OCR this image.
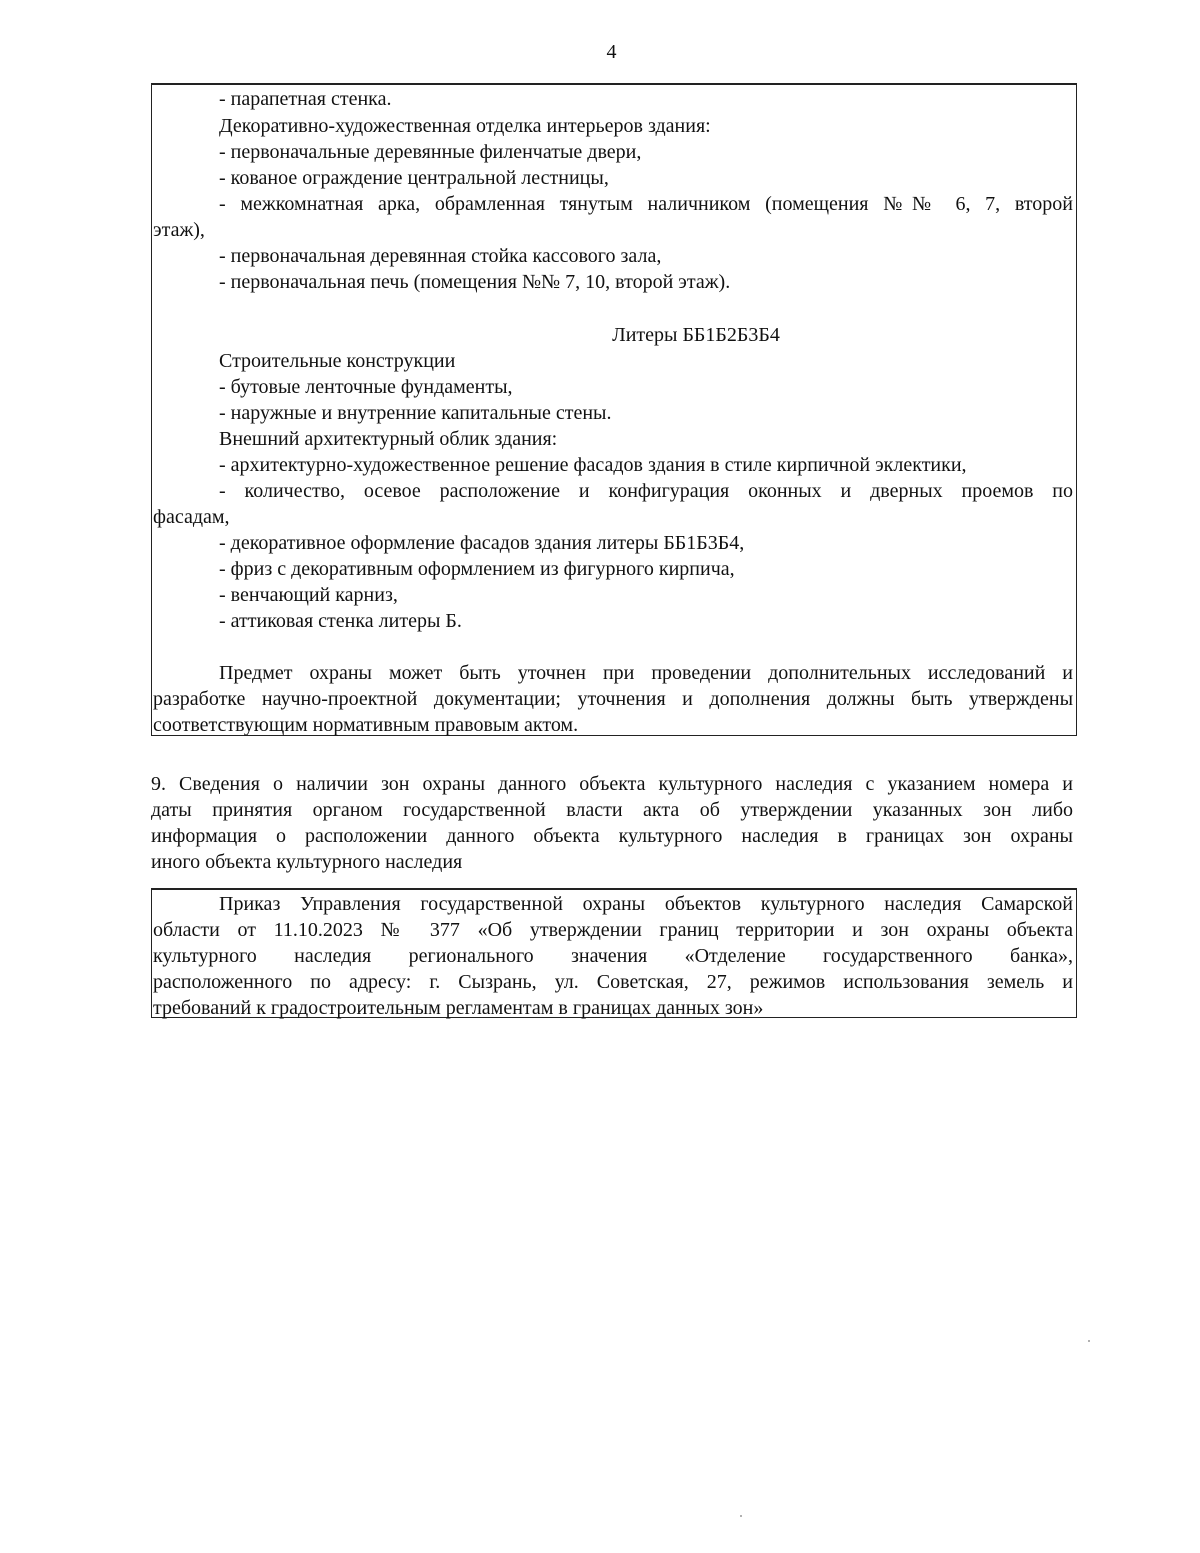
4
- парапетная стенка.
Декоративно-художественная отделка интерьеров здания:
- первоначальные деревянные филенчатые двери,
- кованое ограждение центральной лестницы,
- межкомнатная арка, обрамленная тянутым наличником (помещения №№ 6, 7, второй
этаж),
- первоначальная деревянная стойка кассового зала,
- первоначальная печь (помещения №№ 7, 10, второй этаж).
Литеры ББ1Б2Б3Б4
Строительные конструкции
- бутовые ленточные фундаменты,
- наружные и внутренние капитальные стены.
Внешний архитектурный облик здания:
- архитектурно-художественное решение фасадов здания в стиле кирпичной эклектики,
- количество, осевое расположение и конфигурация оконных и дверных проемов по
фасадам,
- декоративное оформление фасадов здания литеры ББ1Б3Б4,
- фриз с декоративным оформлением из фигурного кирпича,
- венчающий карниз,
- аттиковая стенка литеры Б.
Предмет охраны может быть уточнен при проведении дополнительных исследований и
разработке научно-проектной документации; уточнения и дополнения должны быть утверждены
соответствующим нормативным правовым актом.
9. Сведения о наличии зон охраны данного объекта культурного наследия с указанием номера и
даты принятия органом государственной власти акта об утверждении указанных зон либо
информация о расположении данного объекта культурного наследия в границах зон охраны
иного объекта культурного наследия
Приказ Управления государственной охраны объектов культурного наследия Самарской
области от 11.10.2023 № 377 «Об утверждении границ территории и зон охраны объекта
культурного наследия регионального значения «Отделение государственного банка»,
расположенного по адресу: г. Сызрань, ул. Советская, 27, режимов использования земель и
требований к градостроительным регламентам в границах данных зон»
